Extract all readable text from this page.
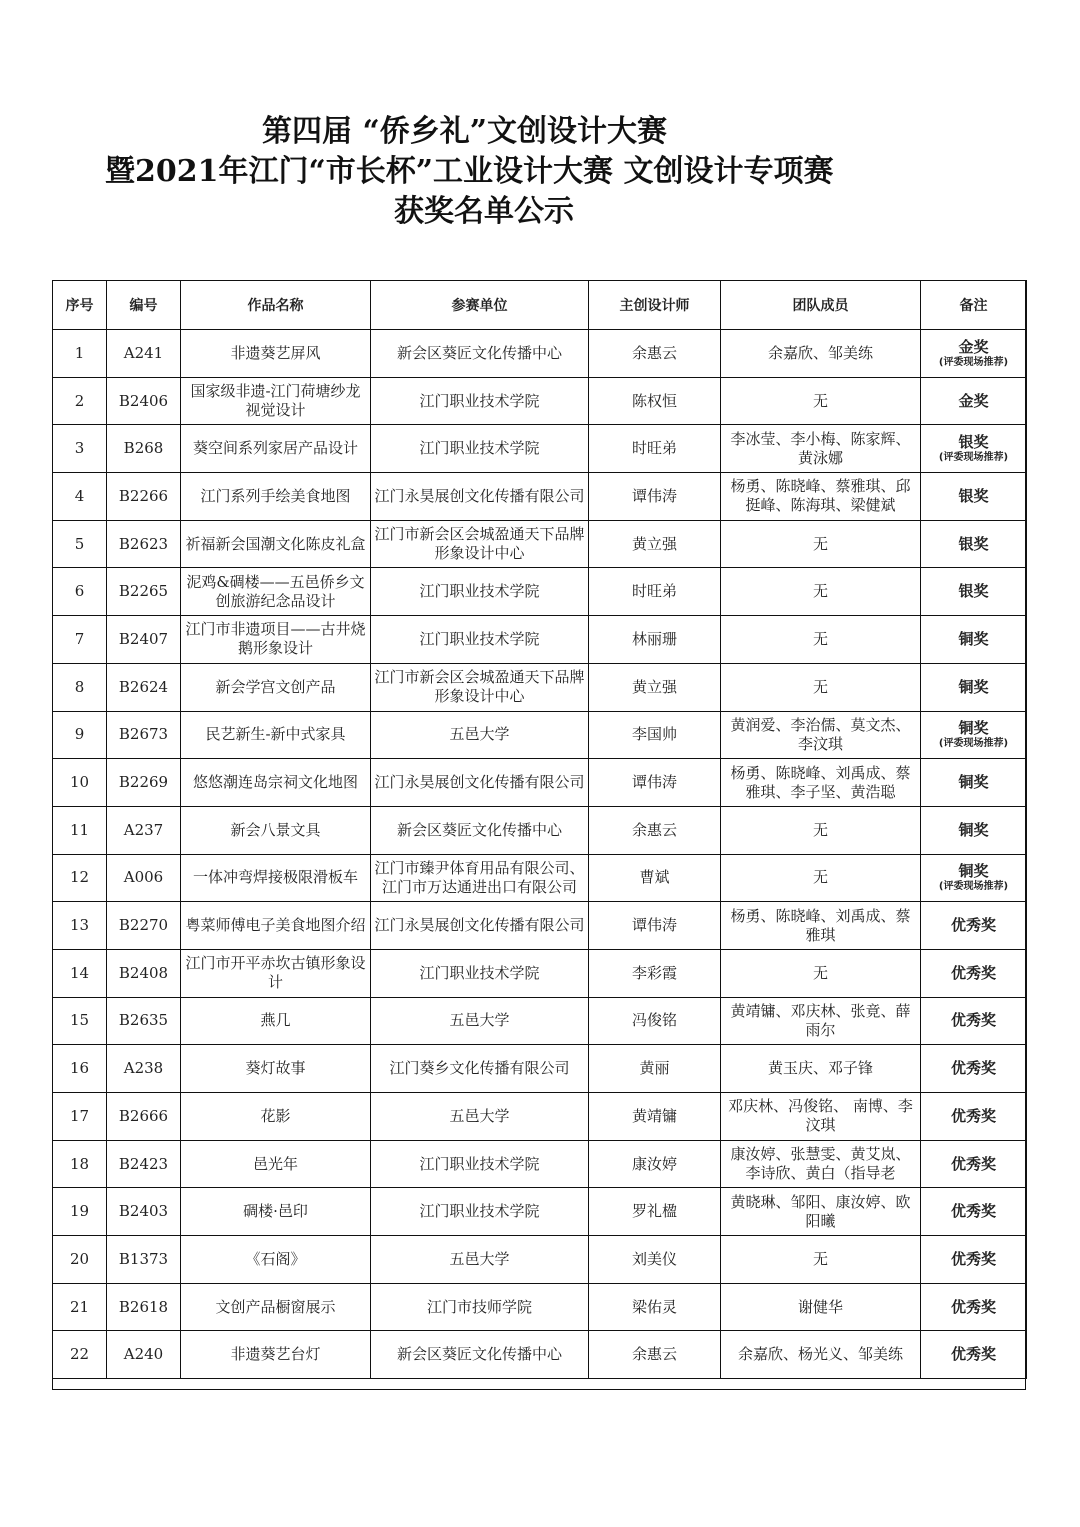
第四届 “侨乡礼”文创设计大赛
暨2021年江门“市长杯”工业设计大赛 文创设计专项赛
获奖名单公示
序号	编号	作品名称	参赛单位	主创设计师	团队成员	备注
1	A241	非遗葵艺屏风	新会区葵匠文化传播中心	余惠云	余嘉欣、邹美练	金奖
(评委现场推荐)

2	B2406	国家级非遗-江门荷塘纱龙视觉设计	江门职业技术学院	陈权恒	无	金奖
3	B268	葵空间系列家居产品设计	江门职业技术学院	时旺弟	李冰莹、李小梅、陈家辉、黄泳娜	银奖
(评委现场推荐)

4	B2266	江门系列手绘美食地图	江门永昊展创文化传播有限公司	谭伟涛	杨勇、陈晓峰、蔡雅琪、邱挺峰、陈海琪、梁健斌	银奖
5	B2623	祈福新会国潮文化陈皮礼盒	江门市新会区会城盈通天下品牌形象设计中心	黄立强	无	银奖
6	B2265	泥鸡&碉楼——五邑侨乡文创旅游纪念品设计	江门职业技术学院	时旺弟	无	银奖
7	B2407	江门市非遗项目——古井烧鹅形象设计	江门职业技术学院	林丽珊	无	铜奖
8	B2624	新会学宫文创产品	江门市新会区会城盈通天下品牌形象设计中心	黄立强	无	铜奖
9	B2673	民艺新生-新中式家具	五邑大学	李国帅	黄润爱、李治儒、莫文杰、李汶琪	铜奖
(评委现场推荐)

10	B2269	悠悠潮连岛宗祠文化地图	江门永昊展创文化传播有限公司	谭伟涛	杨勇、陈晓峰、刘禹成、蔡雅琪、李子坚、黄浩聪	铜奖
11	A237	新会八景文具	新会区葵匠文化传播中心	余惠云	无	铜奖
12	A006	一体冲弯焊接极限滑板车	江门市臻尹体育用品有限公司、江门市万达通进出口有限公司	曹斌	无	铜奖
(评委现场推荐)

13	B2270	粤菜师傅电子美食地图介绍	江门永昊展创文化传播有限公司	谭伟涛	杨勇、陈晓峰、刘禹成、蔡雅琪	优秀奖
14	B2408	江门市开平赤坎古镇形象设计	江门职业技术学院	李彩霞	无	优秀奖
15	B2635	燕几	五邑大学	冯俊铭	黄靖镛、邓庆林、张竟、薛雨尔	优秀奖
16	A238	葵灯故事	江门葵乡文化传播有限公司	黄丽	黄玉庆、邓子锋	优秀奖
17	B2666	花影	五邑大学	黄靖镛	邓庆林、冯俊铭、 南博、李汶琪	优秀奖
18	B2423	邑光年	江门职业技术学院	康汝婷	康汝婷、张慧雯、黄艾岚、李诗欣、黄白（指导老	优秀奖
19	B2403	碉楼·邑印	江门职业技术学院	罗礼楹	黄晓琳、邹阳、康汝婷、欧阳曦	优秀奖
20	B1373	《石阁》	五邑大学	刘美仪	无	优秀奖
21	B2618	文创产品橱窗展示	江门市技师学院	梁佑灵	谢健华	优秀奖
22	A240	非遗葵艺台灯	新会区葵匠文化传播中心	余惠云	余嘉欣、杨光义、邹美练	优秀奖
